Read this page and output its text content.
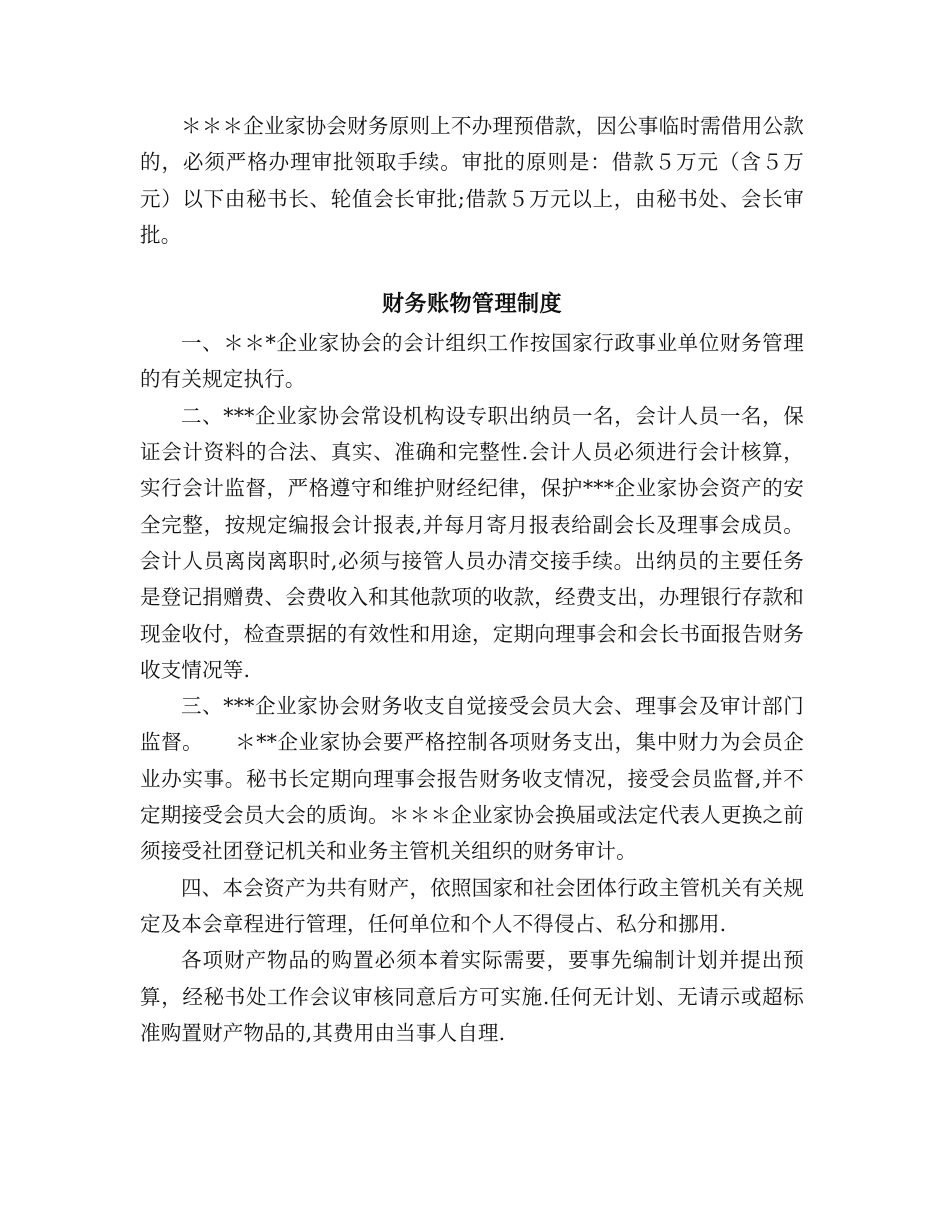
＊＊＊企业家协会财务原则上不办理预借款，因公事临时需借用公款的，必须严格办理审批领取手续。审批的原则是：借款５万元（含５万元）以下由秘书长、轮值会长审批;借款５万元以上，由秘书处、会长审批。

财务账物管理制度

一、＊＊*企业家协会的会计组织工作按国家行政事业单位财务管理的有关规定执行。

二、***企业家协会常设机构设专职出纳员一名，会计人员一名，保证会计资料的合法、真实、准确和完整性.会计人员必须进行会计核算，实行会计监督，严格遵守和维护财经纪律，保护***企业家协会资产的安全完整，按规定编报会计报表,并每月寄月报表给副会长及理事会成员。会计人员离岗离职时,必须与接管人员办清交接手续。出纳员的主要任务是登记捐赠费、会费收入和其他款项的收款，经费支出，办理银行存款和现金收付，检查票据的有效性和用途，定期向理事会和会长书面报告财务收支情况等.

三、***企业家协会财务收支自觉接受会员大会、理事会及审计部门监督。　　＊**企业家协会要严格控制各项财务支出，集中财力为会员企业办实事。秘书长定期向理事会报告财务收支情况，接受会员监督,并不定期接受会员大会的质询。＊＊＊企业家协会换届或法定代表人更换之前须接受社团登记机关和业务主管机关组织的财务审计。

四、本会资产为共有财产，依照国家和社会团体行政主管机关有关规定及本会章程进行管理，任何单位和个人不得侵占、私分和挪用.

各项财产物品的购置必须本着实际需要，要事先编制计划并提出预算，经秘书处工作会议审核同意后方可实施.任何无计划、无请示或超标准购置财产物品的,其费用由当事人自理.
